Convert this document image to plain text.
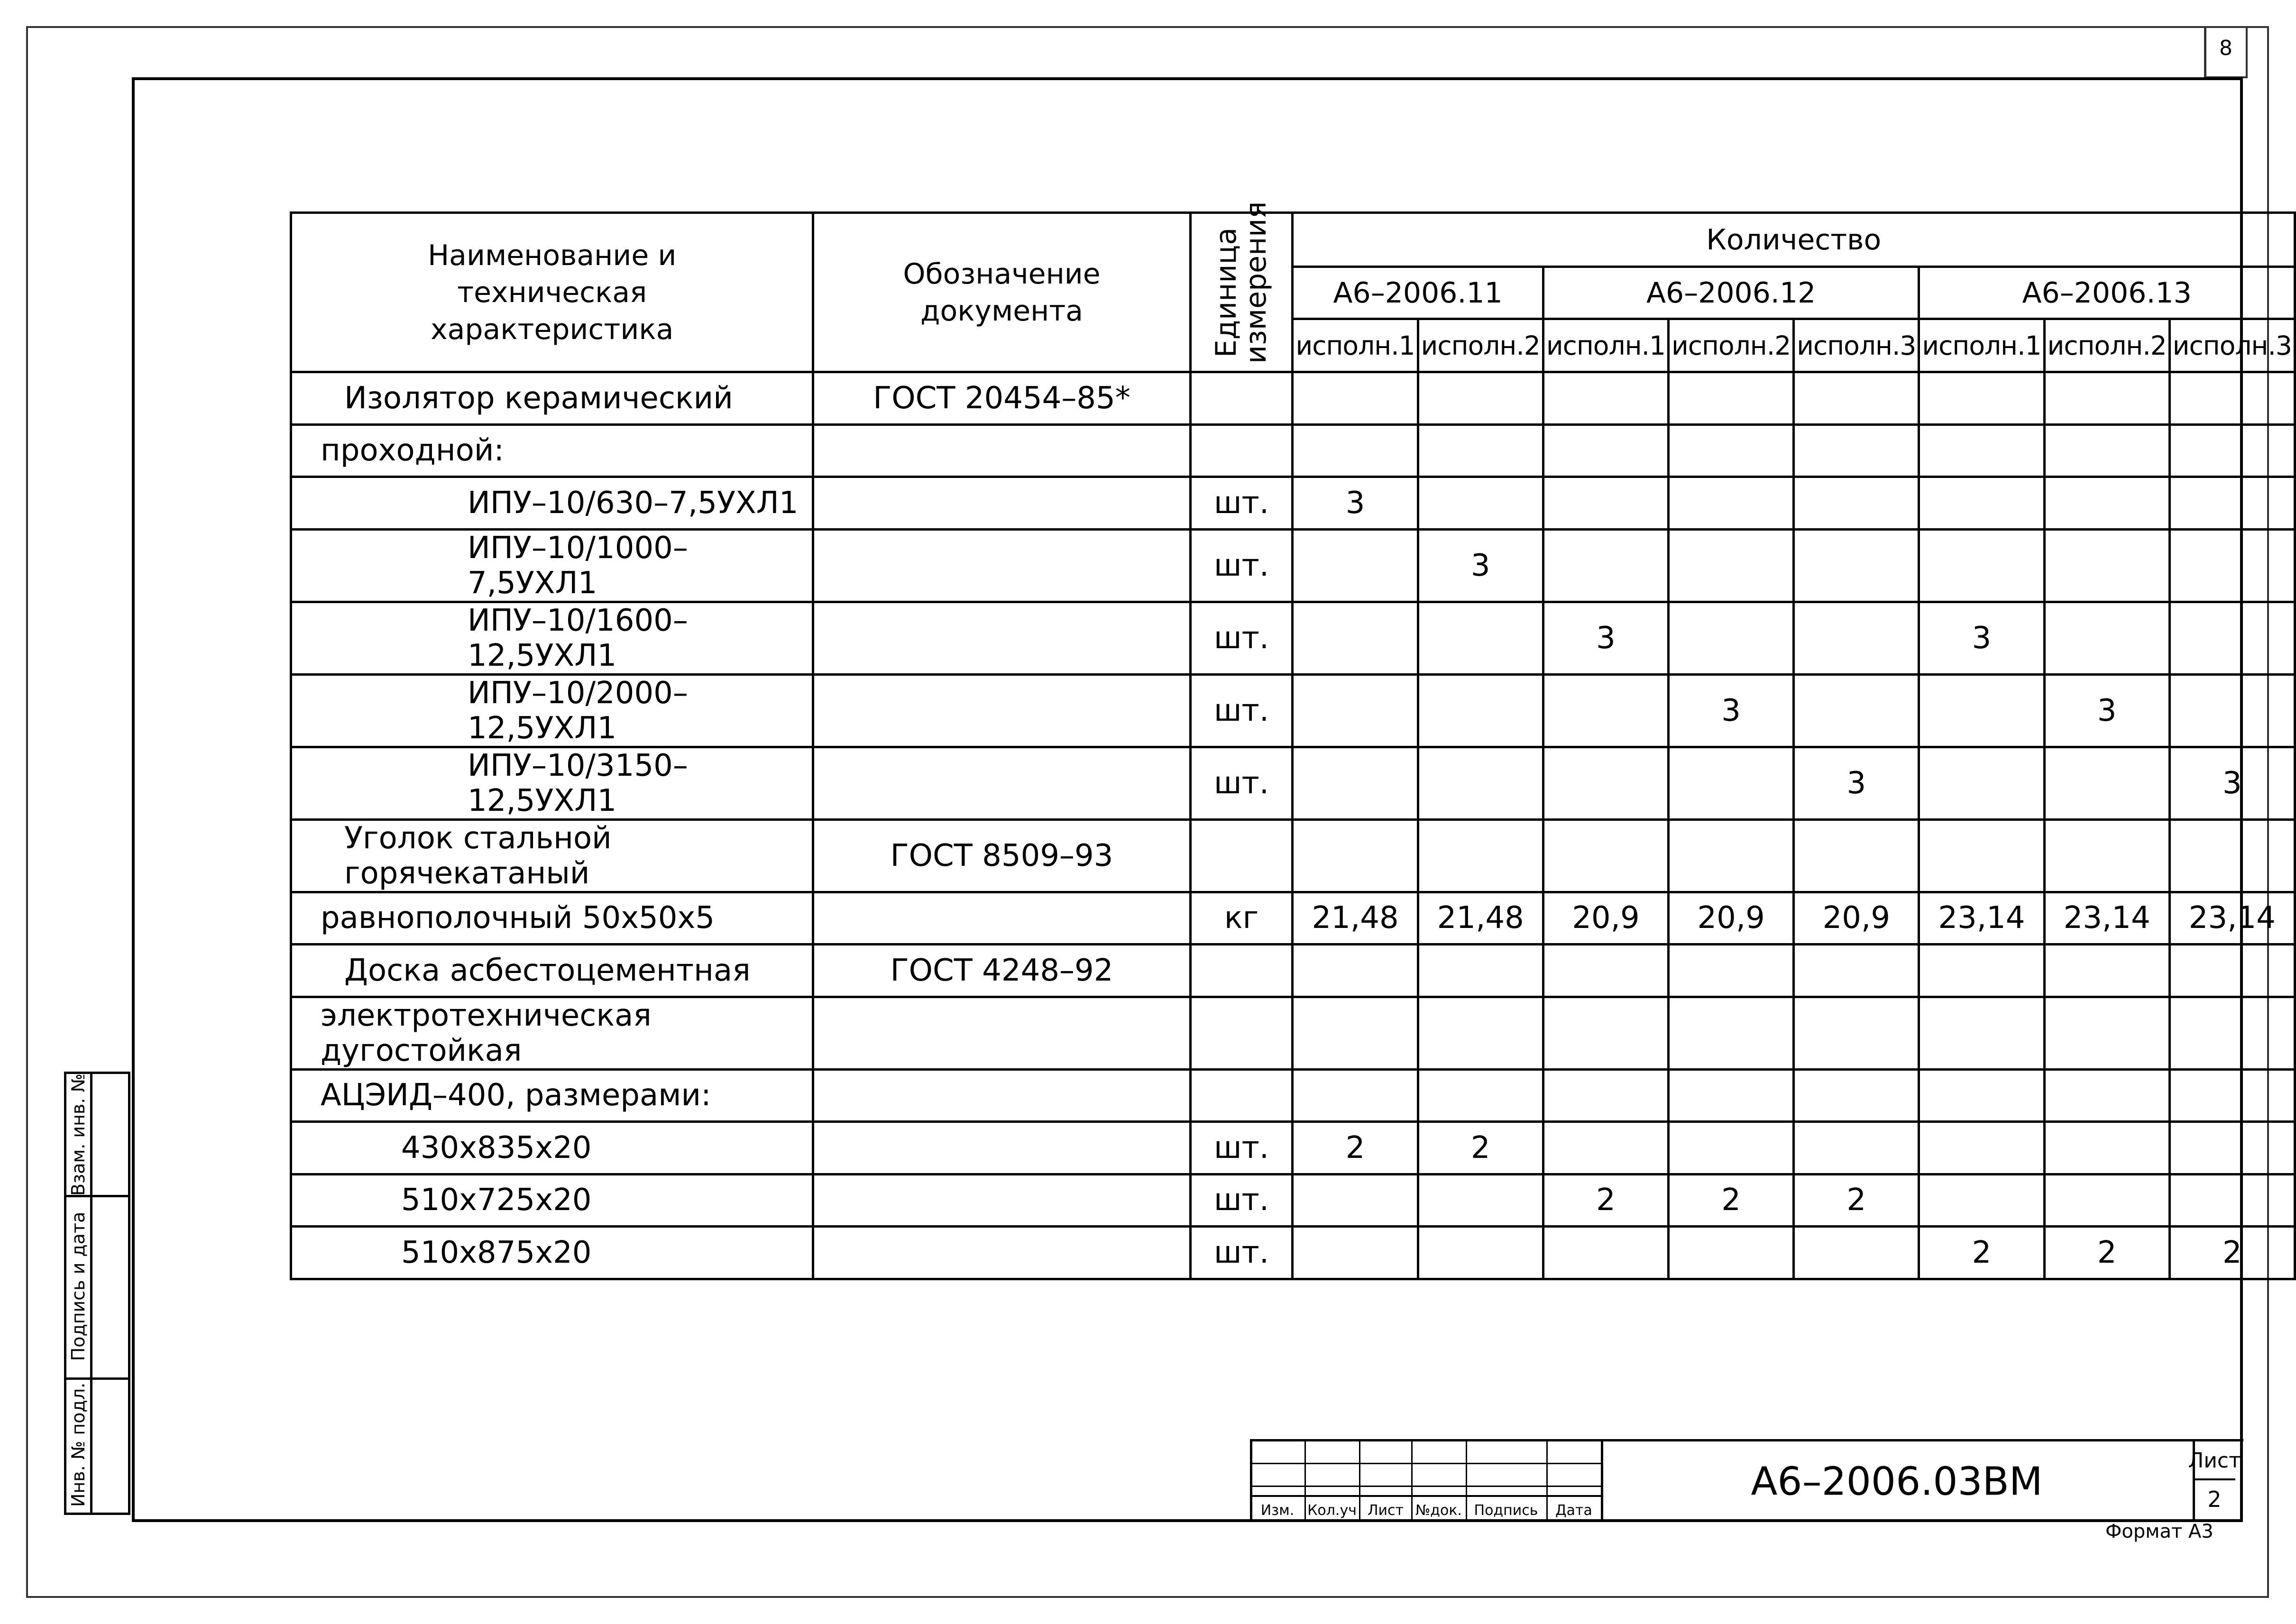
8
Наименование и техническая характеристика	Обозначение документа	Единица измерения	Количество							
			А6–2006.11		А6–2006.12			А6–2006.13		
			исполн.1	исполн.2	исполн.1	исполн.2	исполн.3	исполн.1	исполн.2	исполн.3
Изолятор керамический	ГОСТ 20454–85*									
проходной:										
ИПУ–10/630–7,5УХЛ1		шт.	3							
ИПУ–10/1000–7,5УХЛ1		шт.		3						
ИПУ–10/1600–12,5УХЛ1		шт.			3			3		
ИПУ–10/2000–12,5УХЛ1		шт.				3			3	
ИПУ–10/3150–12,5УХЛ1		шт.					3			3
Уголок стальной горячекатаный	ГОСТ 8509–93									
равнополочный 50х50х5		кг	21,48	21,48	20,9	20,9	20,9	23,14	23,14	23,14
Доска асбестоцементная	ГОСТ 4248–92									
электротехническая дугостойкая										
АЦЭИД–400, размерами:										
430х835х20		шт.	2	2						
510х725х20		шт.			2	2	2			
510х875х20		шт.						2	2	2
Взам. инв. №
Подпись и дата
Инв. № подл.
Изм. Кол.уч Лист №док. Подпись Дата
А6–2006.03ВМ	Лист
2
Формат А3
